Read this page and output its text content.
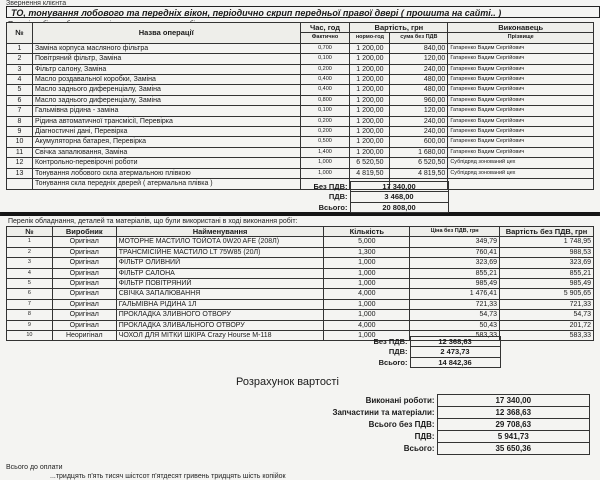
Звернення клієнта
ТО, тонування лобового та передніх вікон, періодично скрип передньої правої двері ( прошита на сайті.. )
№	Назва операції	Час, год	Вартість, грн		Виконавець
		Фактично	нормо-год	сума без ПДВ	Прізвище
1	Заміна корпуса масляного фільтра	0,700	1 200,00	840,00	Гатаренко Вадим Сергійович
2	Повітряний фільтр, Заміна	0,100	1 200,00	120,00	Гатаренко Вадим Сергійович
3	Фільтр салону, Заміна	0,200	1 200,00	240,00	Гатаренко Вадим Сергійович
4	Масло роздавальної коробки, Заміна	0,400	1 200,00	480,00	Гатаренко Вадим Сергійович
5	Масло заднього диференціалу, Заміна	0,400	1 200,00	480,00	Гатаренко Вадим Сергійович
6	Масло заднього диференціалу, Заміна	0,800	1 200,00	960,00	Гатаренко Вадим Сергійович
7	Гальмівна рідина - заміна	0,100	1 200,00	120,00	Гатаренко Вадим Сергійович
8	Рідина автоматичної трансмісії, Перевірка	0,200	1 200,00	240,00	Гатаренко Вадим Сергійович
9	Діагностичні дані, Перевірка	0,200	1 200,00	240,00	Гатаренко Вадим Сергійович
10	Акумуляторна батарея, Перевірка	0,500	1 200,00	600,00	Гатаренко Вадим Сергійович
11	Свічка запалювання, Заміна	1,400	1 200,00	1 680,00	Гатаренко Вадим Сергійович
12	Контрольно-перевірочні роботи	1,000	6 520,50	6 520,50	Субпідряд зонований цех
13	Тонування лобового скла атермальною плівкою	1,000	4 819,50	4 819,50	Субпідряд зонований цех
	Тонування скла передніх дверей ( атермальна плівка )				
		Без ПДВ:	17 340,00	
	ПДВ:	3 468,00	
	Всього:	20 808,00	
Перелік обладнання, деталей та матеріалів, що були використані в ході виконання робіт:
№	Виробник	Найменування	Кількість	Ціна без ПДВ, грн	Вартість без ПДВ, грн
1	Оригінал	МОТОРНЕ МАСТИЛО ТОЙОТА 0W20 AFE (208Л)	5,000	349,79	1 748,95
2	Оригінал	ТРАНСМІСІЙНЕ МАСТИЛО LT 75W85 (20Л)	1,300	760,41	988,53
3	Оригінал	ФІЛЬТР ОЛИВНИЙ	1,000	323,69	323,69
4	Оригінал	ФІЛЬТР САЛОНА	1,000	855,21	855,21
5	Оригінал	ФІЛЬТР ПОВІТРЯНИЙ	1,000	985,49	985,49
6	Оригінал	СВІЧКА ЗАПАЛЮВАННЯ	4,000	1 476,41	5 905,65
7	Оригінал	ГАЛЬМІВНА РІДИНА 1Л	1,000	721,33	721,33
8	Оригінал	ПРОКЛАДКА ЗЛИВНОГО ОТВОРУ	1,000	54,73	54,73
9	Оригінал	ПРОКЛАДКА ЗЛИВАЛЬНОГО ОТВОРУ	4,000	50,43	201,72
10	Неоригінал	ЧОХОЛ ДЛЯ МІТКИ ШКІРА Crazy Hourse M-118	1,000	583,33	583,33
	Без ПДВ:	12 368,63	
	ПДВ:	2 473,73	
	Всього:	14 842,36	
Розрахунок вартості
Виконані роботи:	17 340,00
Запчастини та матеріали:	12 368,63
Всього без ПДВ:	29 708,63
ПДВ:	5 941,73
Всього:	35 650,36
Всього до оплати
...тридцять п'ять тисяч шістсот п'ятдесят гривень тридцять шість копійок
